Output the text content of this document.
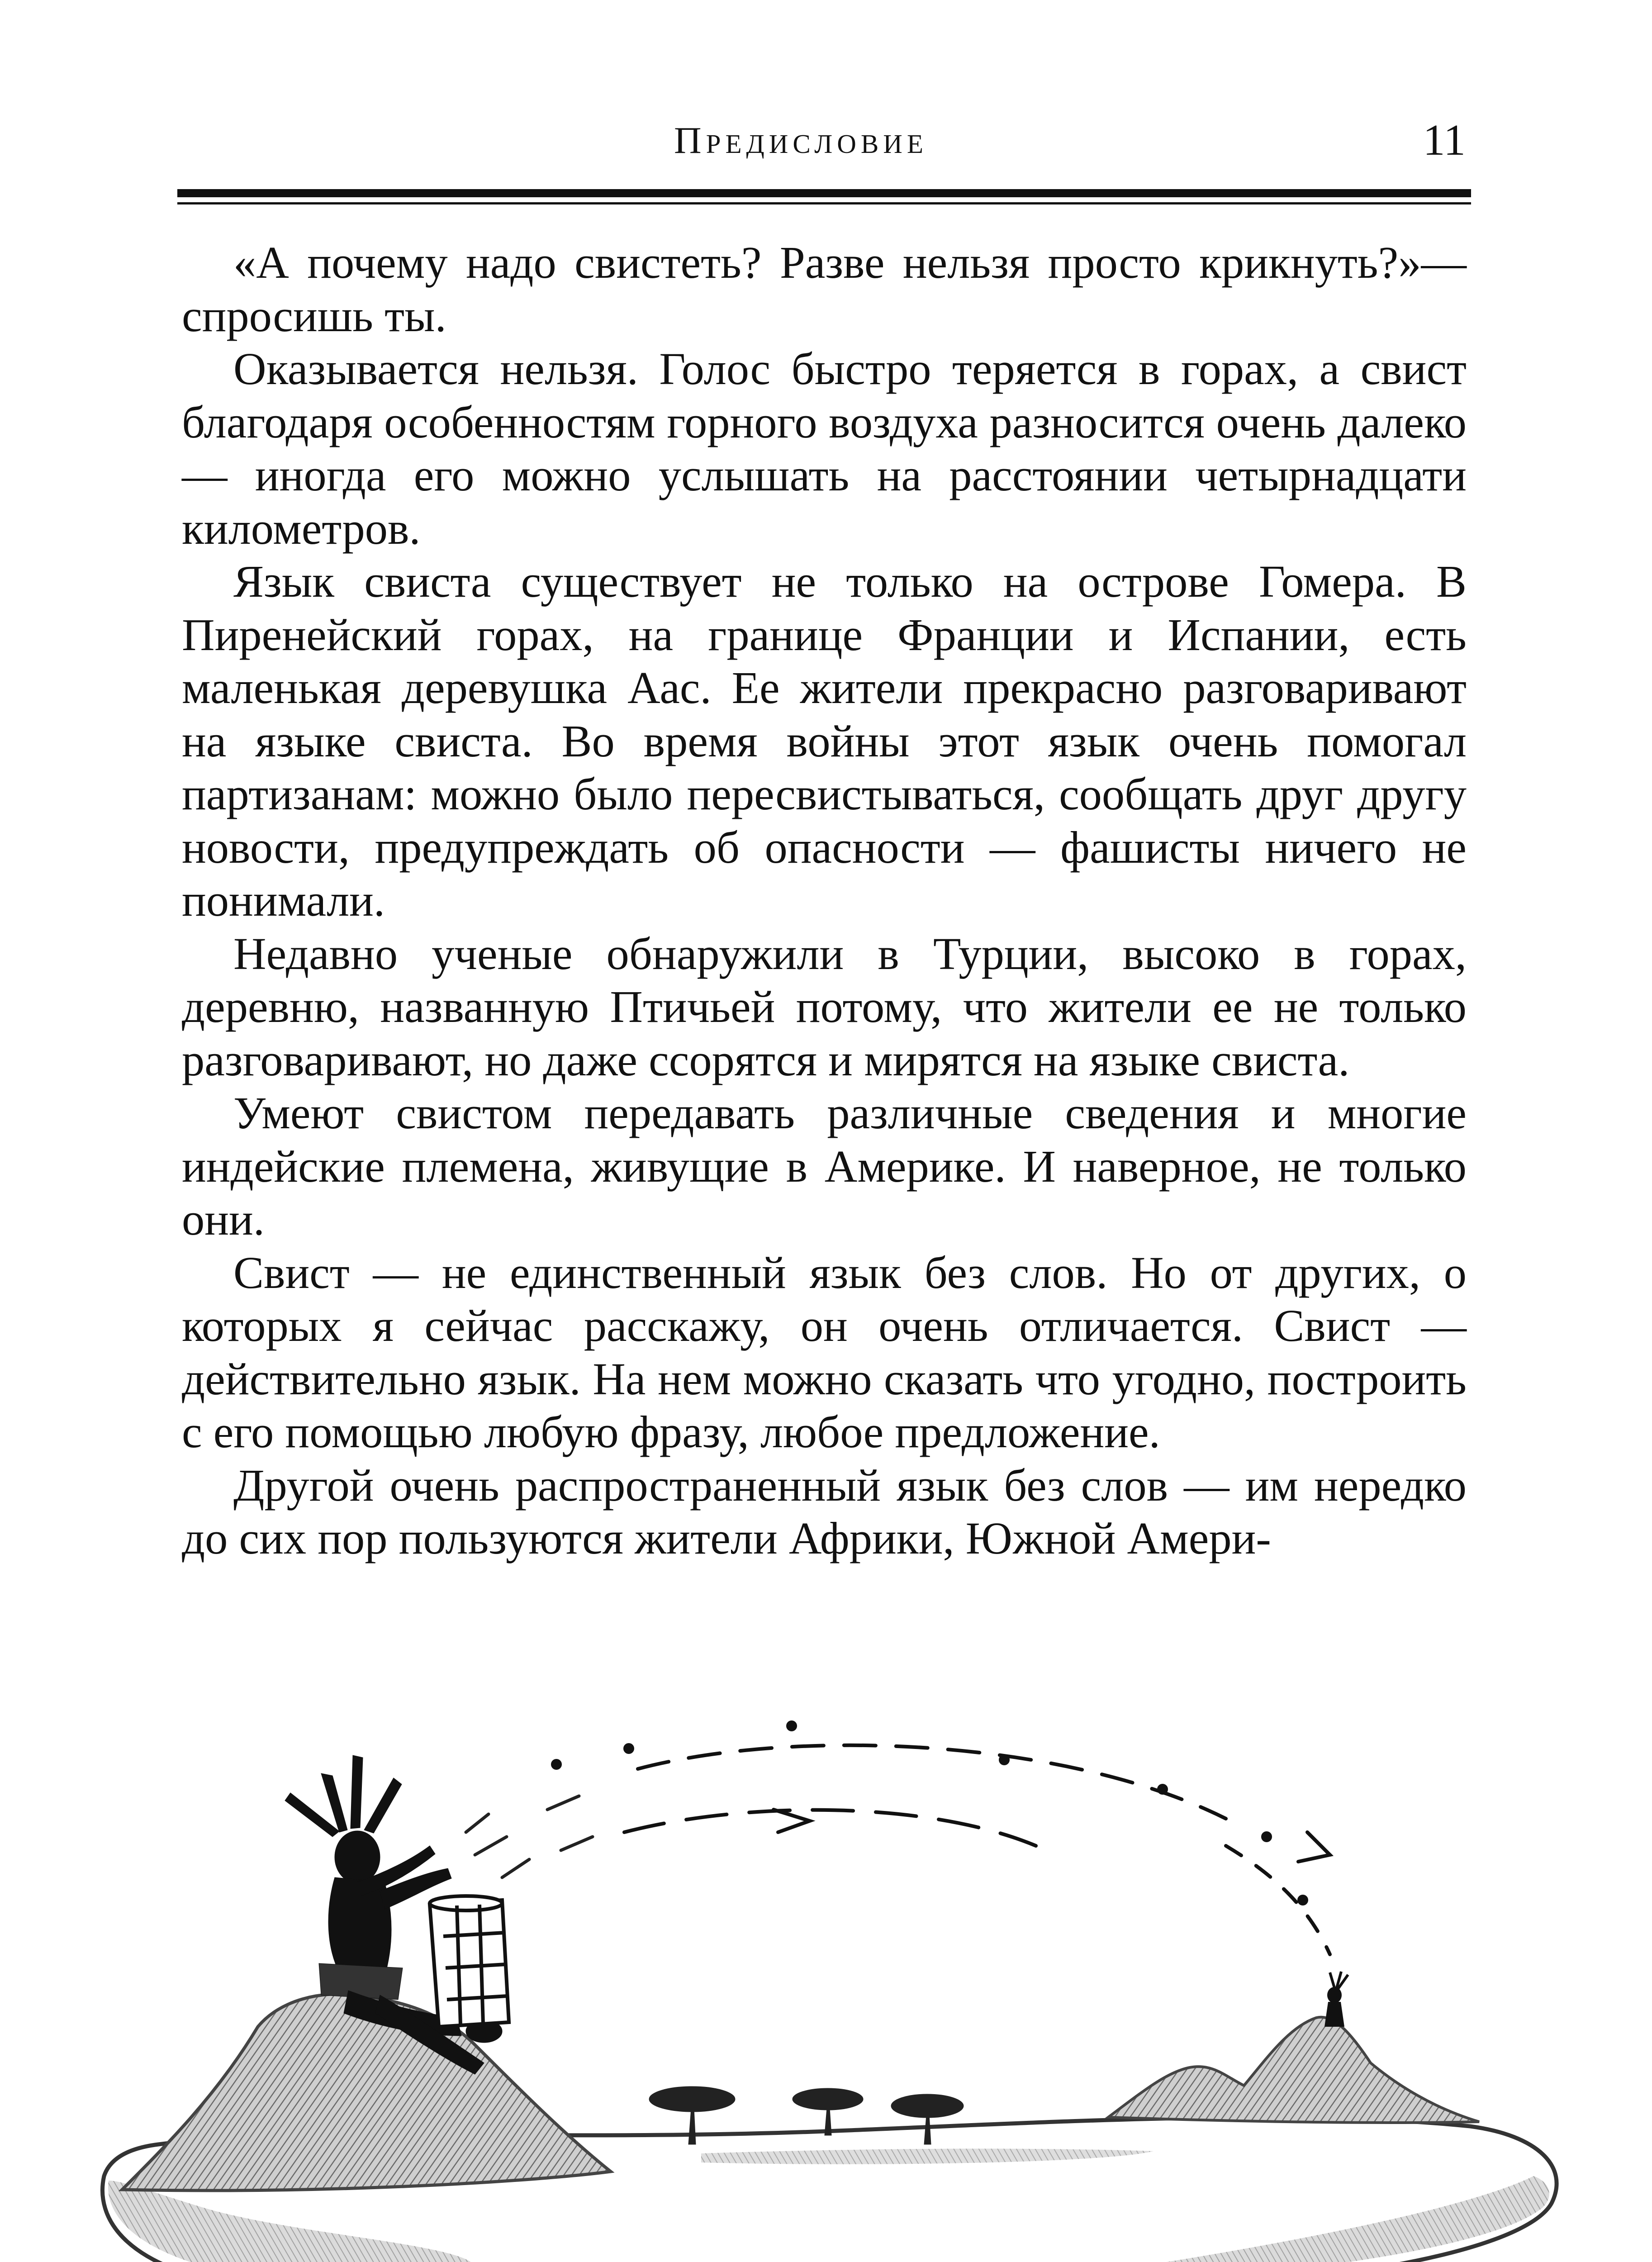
Предисловие	11

«А почему надо свистеть? Разве нельзя просто крикнуть?»— спросишь ты.

Оказывается нельзя. Голос быстро теряется в горах, а свист благодаря особенностям горного воздуха разносится очень далеко — иногда его можно услышать на расстоянии четырнадцати километров.

Язык свиста существует не только на острове Гомера. В Пиренейский горах, на границе Франции и Испании, есть маленькая деревушка Аас. Ее жители прекрасно разговаривают на языке свиста. Во время войны этот язык очень помогал партизанам: можно было пересвистываться, сообщать друг другу новости, предупреждать об опасности — фашисты ничего не понимали.

Недавно ученые обнаружили в Турции, высоко в горах, деревню, названную Птичьей потому, что жители ее не только разговаривают, но даже ссорятся и мирятся на языке свиста.

Умеют свистом передавать различные сведения и многие индейские племена, живущие в Америке. И наверное, не только они.

Свист — не единственный язык без слов. Но от других, о которых я сейчас расскажу, он очень отличается. Свист — действительно язык. На нем можно сказать что угодно, построить с его помощью любую фразу, любое предложение.

Другой очень распространенный язык без слов — им нередко до сих пор пользуются жители Африки, Южной Амери-
